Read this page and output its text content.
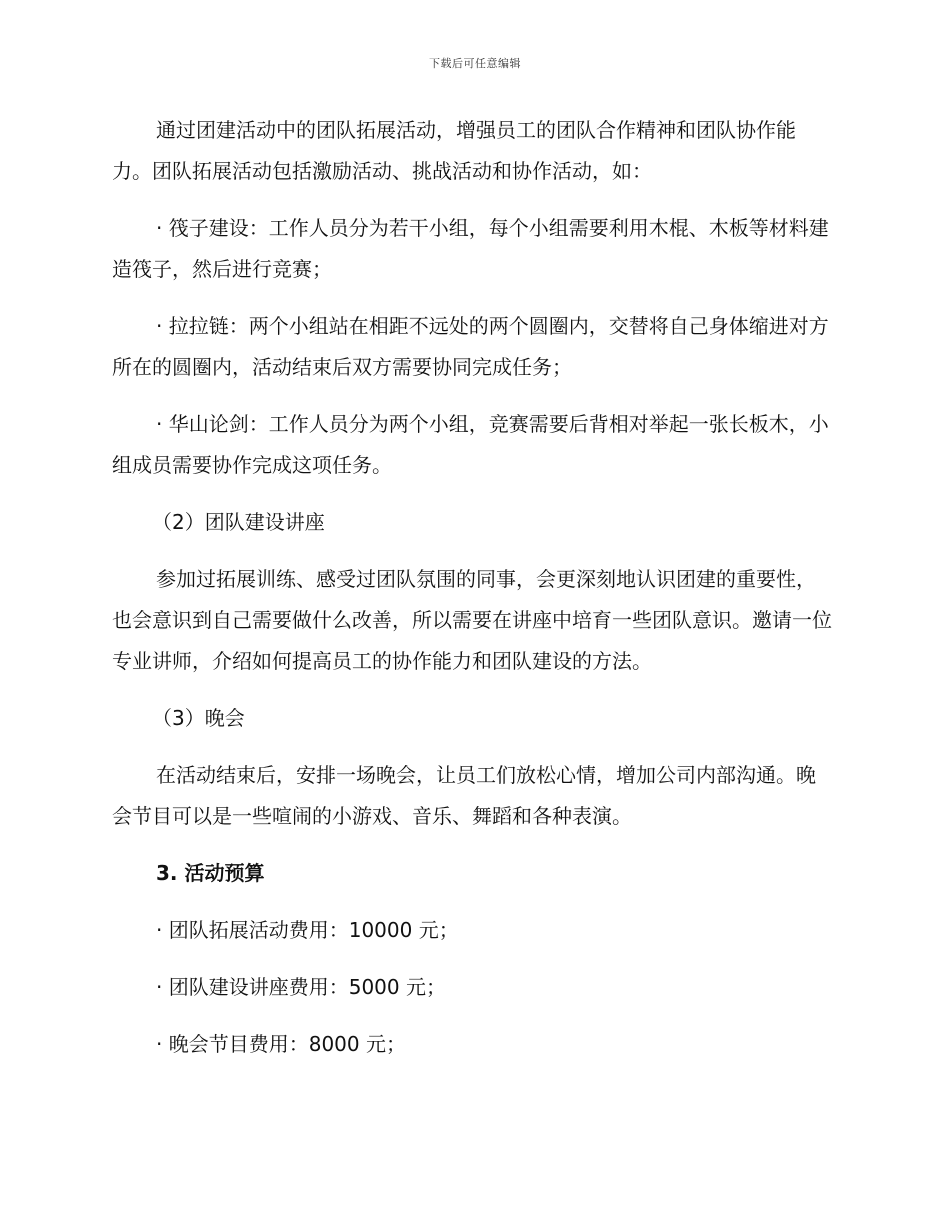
下载后可任意编辑

通过团建活动中的团队拓展活动，增强员工的团队合作精神和团队协作能力。团队拓展活动包括激励活动、挑战活动和协作活动，如：

· 筏子建设：工作人员分为若干小组，每个小组需要利用木棍、木板等材料建造筏子，然后进行竞赛；

· 拉拉链：两个小组站在相距不远处的两个圆圈内，交替将自己身体缩进对方所在的圆圈内，活动结束后双方需要协同完成任务；

· 华山论剑：工作人员分为两个小组，竞赛需要后背相对举起一张长板木，小组成员需要协作完成这项任务。

（2）团队建设讲座

参加过拓展训练、感受过团队氛围的同事，会更深刻地认识团建的重要性，也会意识到自己需要做什么改善，所以需要在讲座中培育一些团队意识。邀请一位专业讲师，介绍如何提高员工的协作能力和团队建设的方法。

（3）晚会

在活动结束后，安排一场晚会，让员工们放松心情，增加公司内部沟通。晚会节目可以是一些喧闹的小游戏、音乐、舞蹈和各种表演。

3. 活动预算

· 团队拓展活动费用：10000 元；

· 团队建设讲座费用：5000 元；

· 晚会节目费用：8000 元；
